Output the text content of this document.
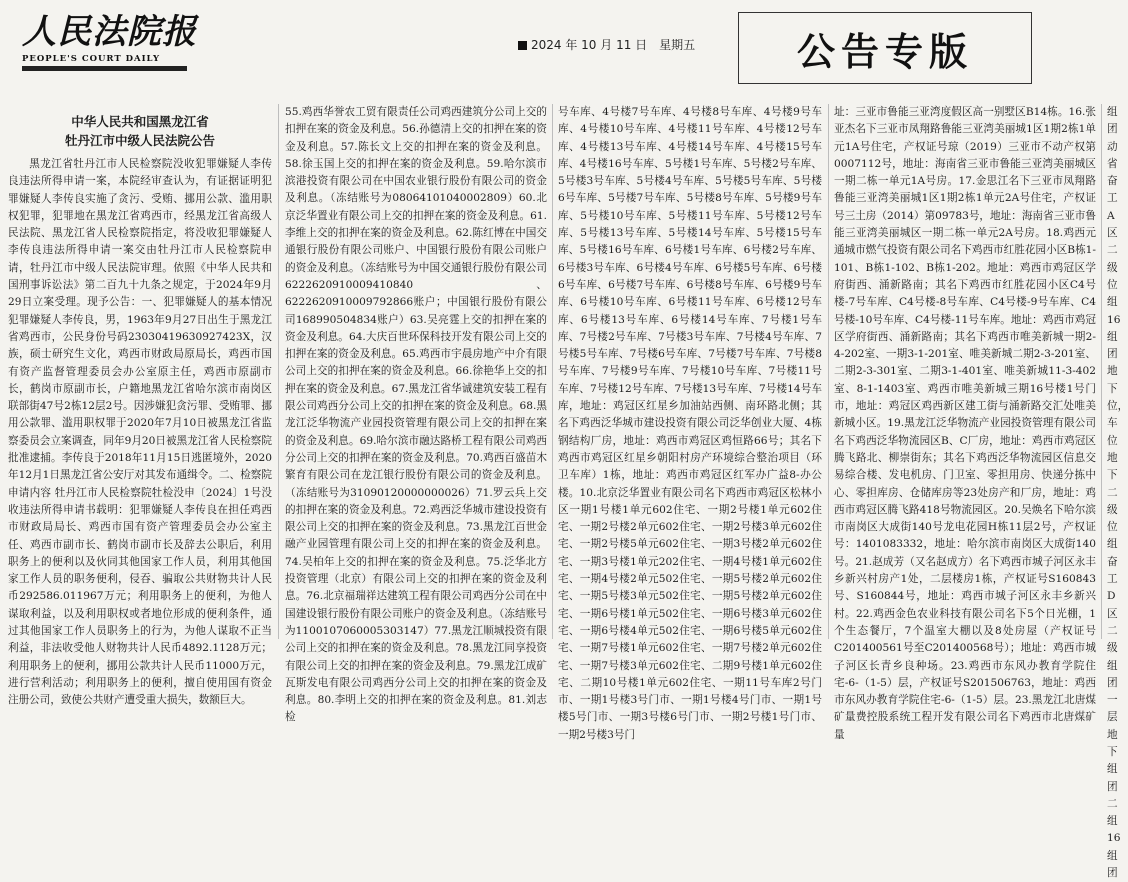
人民法院报
PEOPLE'S COURT DAILY
2024 年 10 月 11 日　星期五	公告专版
中华人民共和国黑龙江省
牡丹江市中级人民法院公告

黑龙江省牡丹江市人民检察院没收犯罪嫌疑人李传良违法所得申请一案，本院经审查认为，有证据证明犯罪嫌疑人李传良实施了贪污、受贿、挪用公款、滥用职权犯罪，犯罪地在黑龙江省鸡西市，经黑龙江省高级人民法院、黑龙江省人民检察院指定，将没收犯罪嫌疑人李传良违法所得申请一案交由牡丹江市人民检察院申请，牡丹江市中级人民法院审理。依照《中华人民共和国刑事诉讼法》第二百九十九条之规定，于2024年9月29日立案受理。现予公告：一、犯罪嫌疑人的基本情况 犯罪嫌疑人李传良，男，1963年9月27日出生于黑龙江省鸡西市，公民身份号码23030419630927423X，汉族，硕士研究生文化，鸡西市财政局原局长，鸡西市国有资产监督管理委员会办公室原主任，鸡西市原副市长，鹤岗市原副市长，户籍地黑龙江省哈尔滨市南岗区联部街47号2栋12层2号。因涉嫌犯贪污罪、受贿罪、挪用公款罪、滥用职权罪于2020年7月10日被黑龙江省监察委员会立案调查，同年9月20日被黑龙江省人民检察院批准逮捕。李传良于2018年11月15日逃匿境外，2020年12月1日黑龙江省公安厅对其发布通缉令。二、检察院申请内容 牡丹江市人民检察院牡检没申〔2024〕1号没收违法所得申请书载明：犯罪嫌疑人李传良在担任鸡西市财政局局长、鸡西市国有资产管理委员会办公室主任、鸡西市副市长、鹤岗市副市长及辞去公职后，利用职务上的便利以及伙同其他国家工作人员，利用其他国家工作人员的职务便利，侵吞、骗取公共财物共计人民币292586.011967万元；利用职务上的便利，为他人谋取利益，以及利用职权或者地位形成的便利条件，通过其他国家工作人员职务上的行为，为他人谋取不正当利益，非法收受他人财物共计人民币4892.1128万元；利用职务上的便利，挪用公款共计人民币11000万元，进行营利活动；利用职务上的便利，擅自使用国有资金注册公司，致使公共财产遭受重大损失，数额巨大。

55.鸡西华誉农工贸有限责任公司鸡西建筑分公司上交的扣押在案的资金及利息。56.孙德清上交的扣押在案的资金及利息。57.陈长文上交的扣押在案的资金及利息。58.徐玉国上交的扣押在案的资金及利息。59.哈尔滨市滨港投资有限公司在中国农业银行股份有限公司的资金及利息。（冻结账号为08064101040002809）60.北京泛华置业有限公司上交的扣押在案的资金及利息。61.李维上交的扣押在案的资金及利息。62.陈红博在中国交通银行股份有限公司账户、中国银行股份有限公司账户的资金及利息。（冻结账号为中国交通银行股份有限公司6222620910009410840、6222620910009792866账户；中国银行股份有限公司168990504834账户）63.吴亮霆上交的扣押在案的资金及利息。64.大庆百世环保科技开发有限公司上交的扣押在案的资金及利息。65.鸡西市宇晨房地产中介有限公司上交的扣押在案的资金及利息。66.徐艳华上交的扣押在案的资金及利息。67.黑龙江省华诚建筑安装工程有限公司鸡西分公司上交的扣押在案的资金及利息。68.黑龙江泛华物流产业园投资管理有限公司上交的扣押在案的资金及利息。69.哈尔滨市融达路桥工程有限公司鸡西分公司上交的扣押在案的资金及利息。70.鸡西百盛苗木繁育有限公司在龙江银行股份有限公司的资金及利息。（冻结账号为31090120000000026）71.罗云兵上交的扣押在案的资金及利息。72.鸡西泛华城市建设投资有限公司上交的扣押在案的资金及利息。73.黑龙江百世金融产业园管理有限公司上交的扣押在案的资金及利息。74.吴柏年上交的扣押在案的资金及利息。75.泛华北方投资管理（北京）有限公司上交的扣押在案的资金及利息。76.北京福瑞祥达建筑工程有限公司鸡西分公司在中国建设银行股份有限公司账户的资金及利息。（冻结账号为110010706000530314​7）77.黑龙江顺城投资有限公司上交的扣押在案的资金及利息。78.黑龙江同享投资有限公司上交的扣押在案的资金及利息。79.黑龙江成矿瓦斯发电有限公司鸡西分公司上交的扣押在案的资金及利息。80.李明上交的扣押在案的资金及利息。81.刘志检

号车库、4号楼7号车库、4号楼8号车库、4号楼9号车库、4号楼10号车库、4号楼11号车库、4号楼12号车库、4号楼13号车库、4号楼14号车库、4号楼15号车库、4号楼16号车库、5号楼1号车库、5号楼2号车库、5号楼3号车库、5号楼4号车库、5号楼5号车库、5号楼6号车库、5号楼7号车库、5号楼8号车库、5号楼9号车库、5号楼10号车库、5号楼11号车库、5号楼12号车库、5号楼13号车库、5号楼14号车库、5号楼15号车库、5号楼16号车库、6号楼1号车库、6号楼2号车库、6号楼3号车库、6号楼4号车库、6号楼5号车库、6号楼6号车库、6号楼7号车库、6号楼8号车库、6号楼9号车库、6号楼10号车库、6号楼11号车库、6号楼12号车库、6号楼13号车库、6号楼14号车库、7号楼1号车库、7号楼2号车库、7号楼3号车库、7号楼4号车库、7号楼5号车库、7号楼6号车库、7号楼7号车库、7号楼8号车库、7号楼9号车库、7号楼10号车库、7号楼11号车库、7号楼12号车库、7号楼13号车库、7号楼14号车库，地址：鸡冠区红星乡加油站西侧、南环路北侧；其名下鸡西泛华城市建设投资有限公司泛华创业大厦、4栋钢结构厂房，地址：鸡西市鸡冠区鸡恒路66号；其名下鸡西市鸡冠区红星乡朝阳村房产环境综合整治项目（环卫车库）1栋，地址：鸡西市鸡冠区红军办广益8-办公楼。10.北京泛华置业有限公司名下鸡西市鸡冠区松林小区一期1号楼1单元602住宅、一期2号楼1单元602住宅、一期2号楼2单元602住宅、一期2号楼3单元602住宅、一期2号楼5单元602住宅、一期3号楼2单元602住宅、一期3号楼1单元202住宅、一期4号楼1单元602住宅、一期4号楼2单元502住宅、一期5号楼2单元602住宅、一期5号楼3单元502住宅、一期5号楼2单元602住宅、一期6号楼1单元502住宅、一期6号楼3单元602住宅、一期6号楼4单元502住宅、一期6号楼5单元602住宅、一期7号楼1单元602住宅、一期7号楼2单元602住宅、一期7号楼3单元602住宅、二期9号楼1单元602住宅、二期10号楼1单元602住宅、一期11号车库2号门市、一期1号楼3号门市、一期1号楼4号门市、一期1号楼5号门市、一期3号楼6号门市、一期2号楼1号门市、一期2号楼3号门

址：三亚市鲁能三亚湾度假区高一别墅区B14栋。16.张亚杰名下三亚市凤翔路鲁能三亚湾美丽城1区1期2栋1单元1A号住宅，产权证号琼（2019）三亚市不动产权第0007112号，地址：海南省三亚市鲁能三亚湾美丽城区一期二栋一单元1A号房。17.金思江名下三亚市凤翔路鲁能三亚湾美丽城1区1期2栋1单元2A号住宅，产权证号三土房（2014）第09783号，地址：海南省三亚市鲁能三亚湾美丽城区一期二栋一单元2A号房。18.鸡西元通城市燃气投资有限公司名下鸡西市红胜花园小区B栋1-101、B栋1-102、B栋1-202。地址：鸡西市鸡冠区学府街西、涌新路南；其名下鸡西市红胜花园小区C4号楼-7号车库、C4号楼-8号车库、C4号楼-9号车库、C4号楼-10号车库、C4号楼-11号车库。地址：鸡西市鸡冠区学府街西、涌新路南；其名下鸡西市唯美新城一期2-4-202室、一期3-1-201室、唯美新城二期2-3-201室、二期2-3-301室、二期3-1-401室、唯美新城11-3-402室、8-1-1403室、鸡西市唯美新城三期16号楼1号门市，地址：鸡冠区鸡西新区建工街与涌新路交汇处唯美新城小区。19.黑龙江泛华物流产业园投资管理有限公司名下鸡西泛华物流园区B、C厂房，地址：鸡西市鸡冠区腾飞路北、柳崇街东；其名下鸡西泛华物流园区信息交易综合楼、发电机房、门卫室、零担用房、快递分拣中心、零担库房、仓储库房等23处房产和厂房，地址：鸡西市鸡冠区腾飞路418号物流园区。20.吴焕名下哈尔滨市南岗区大成街140号龙电花园H栋11层2号，产权证号：1401083332，地址：哈尔滨市南岗区大成街140号。21.赵成芳（又名赵成方）名下鸡西市城子河区永丰乡新兴村房产1处，二层楼房1栋，产权证号S160843号、S160844号，地址：鸡西市城子河区永丰乡新兴村。22.鸡西金色农业科技有限公司名下5个日光棚，1个生态餐厅，7个温室大棚以及8处房屋（产权证号C201400561号至C201400568号）；地址：鸡西市城子河区长青乡良种场。23.鸡西市东风办教育学院住宅-6-（1-5）层，产权证号S201506763，地址：鸡西市东风办教育学院住宅-6-（1-5）层。23.黑龙江北唐煤矿量费控股系统工程开发有限公司名下鸡西市北唐煤矿量

组团动省奋工A区二级位组16组团地下位，车位地下二级位组奋工D区二级组团一层地下组团二组16组团
